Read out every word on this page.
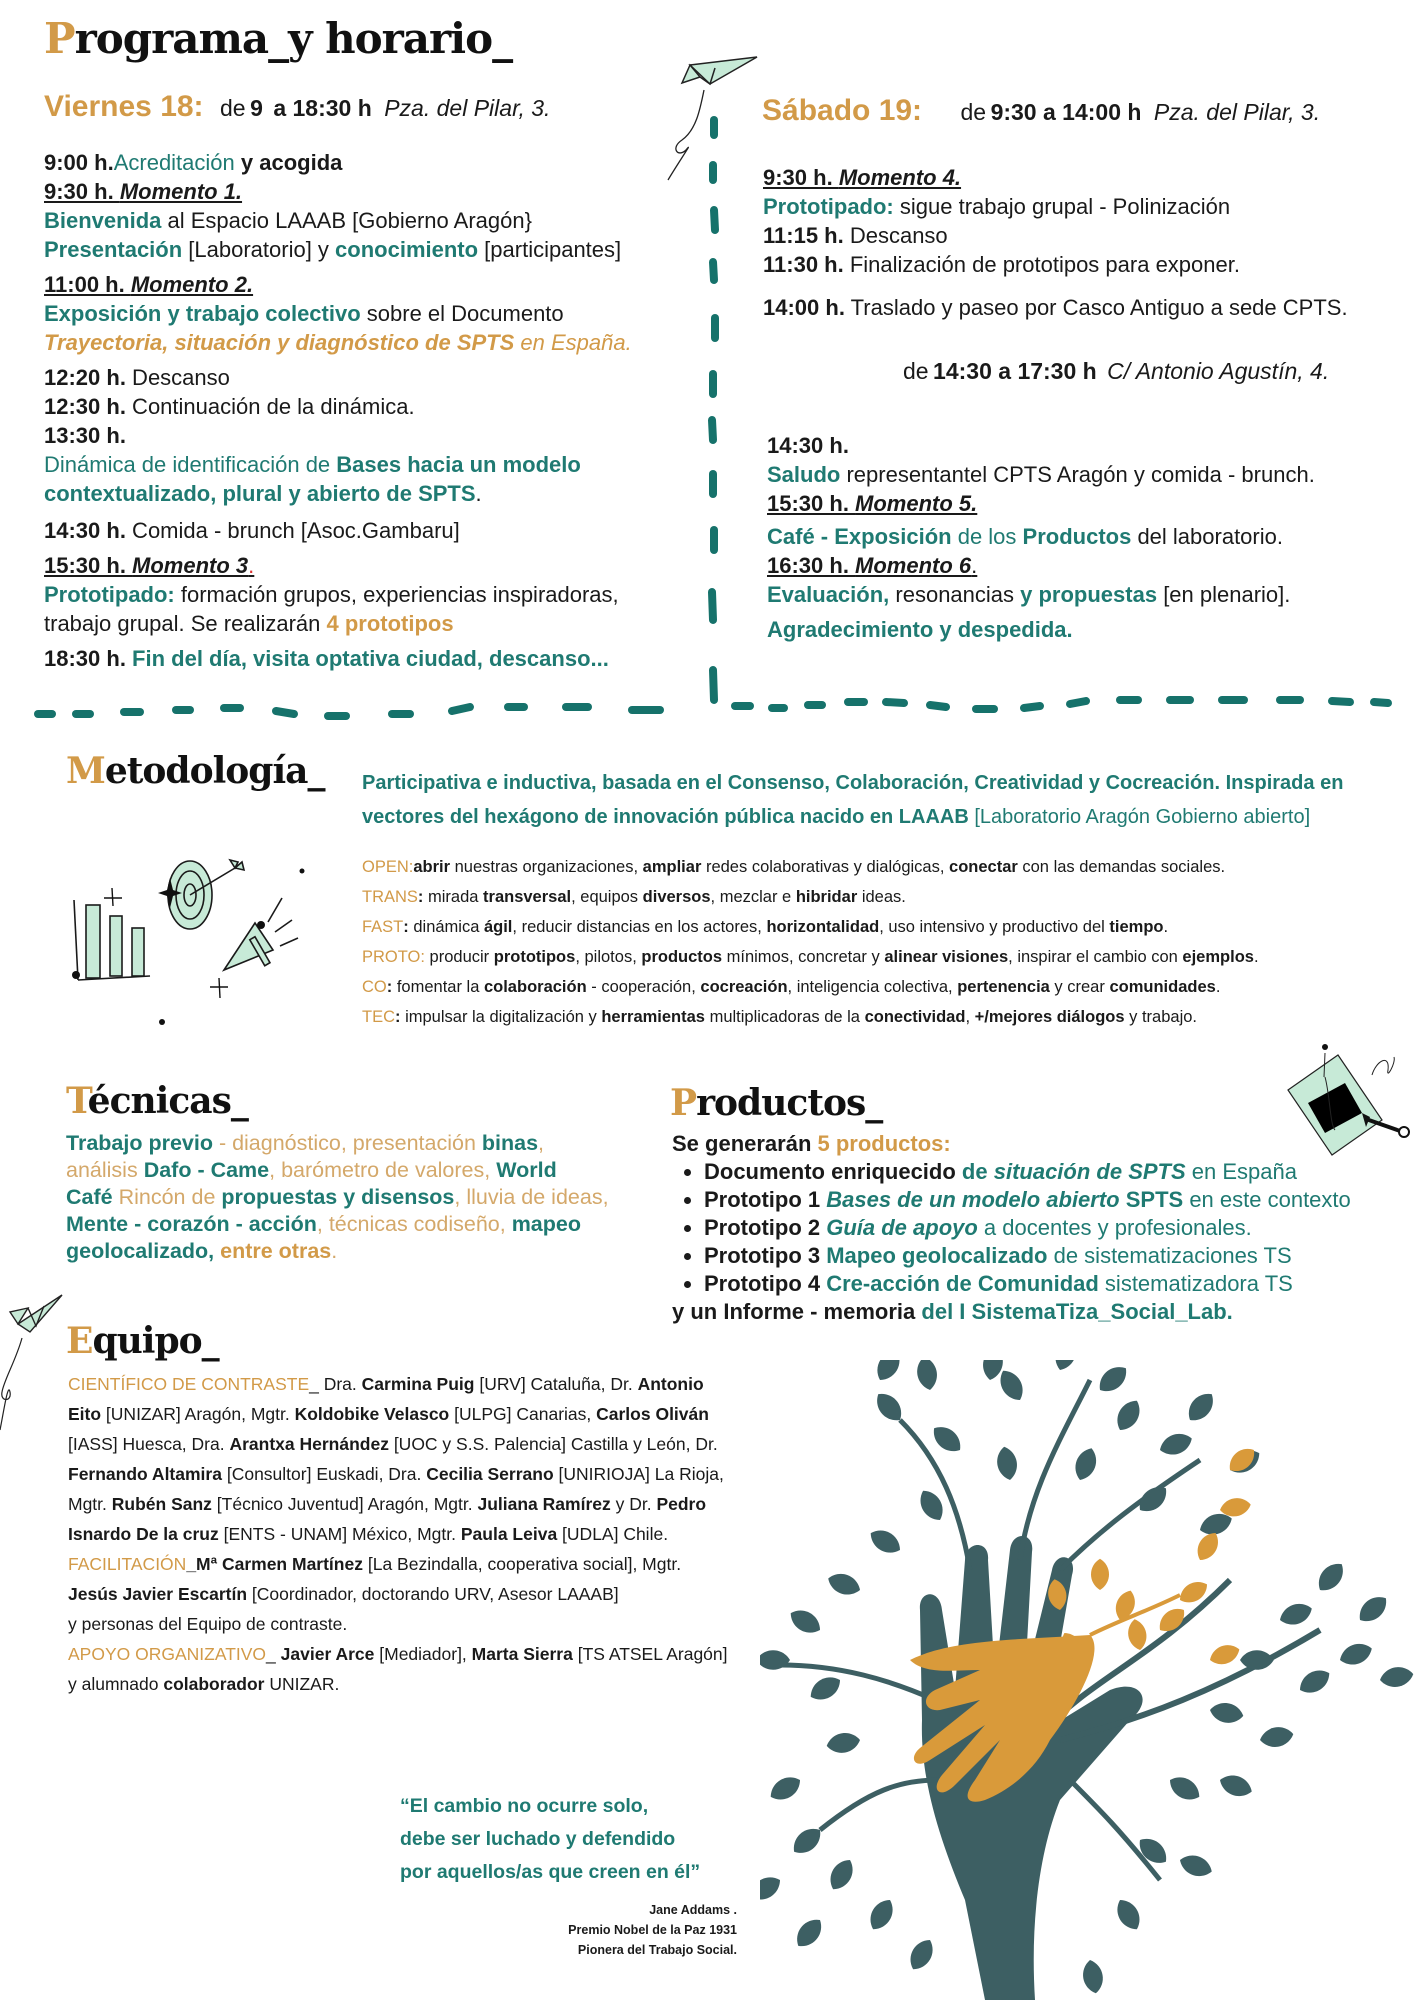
Programa_y horario_
Viernes 18: de 9 a 18:30 h Pza. del Pilar, 3.
9:00 h.Acreditación y acogida
9:30 h. Momento 1.
Bienvenida al Espacio LAAAB [Gobierno Aragón}
Presentación [Laboratorio] y conocimiento [participantes]
11:00 h. Momento 2.
Exposición y trabajo colectivo sobre el Documento
Trayectoria, situación y diagnóstico de SPTS en España.
12:20 h. Descanso
12:30 h. Continuación de la dinámica.
13:30 h.
Dinámica de identificación de Bases hacia un modelo
contextualizado, plural y abierto de SPTS.
14:30 h. Comida - brunch [Asoc.Gambaru]
15:30 h. Momento 3.
Prototipado: formación grupos, experiencias inspiradoras,
trabajo grupal. Se realizarán 4 prototipos
18:30 h. Fin del día, visita optativa ciudad, descanso...
Sábado 19: de 9:30 a 14:00 h Pza. del Pilar, 3.
9:30 h. Momento 4.
Prototipado: sigue trabajo grupal - Polinización
11:15 h. Descanso
11:30 h. Finalización de prototipos para exponer.
14:00 h. Traslado y paseo por Casco Antiguo a sede CPTS.
de 14:30 a 17:30 h C/ Antonio Agustín, 4.
14:30 h.
Saludo representantel CPTS Aragón y comida - brunch.
15:30 h. Momento 5.
Café - Exposición de los Productos del laboratorio.
16:30 h. Momento 6.
Evaluación, resonancias y propuestas [en plenario].
Agradecimiento y despedida.
Metodología_ Participativa e inductiva, basada en el Consenso, Colaboración, Creatividad y Cocreación. Inspirada en
vectores del hexágono de innovación pública nacido en LAAAB [Laboratorio Aragón Gobierno abierto]
OPEN:abrir nuestras organizaciones, ampliar redes colaborativas y dialógicas, conectar con las demandas sociales.
TRANS: mirada transversal, equipos diversos, mezclar e hibridar ideas.
FAST: dinámica ágil, reducir distancias en los actores, horizontalidad, uso intensivo y productivo del tiempo.
PROTO: producir prototipos, pilotos, productos mínimos, concretar y alinear visiones, inspirar el cambio con ejemplos.
CO: fomentar la colaboración - cooperación, cocreación, inteligencia colectiva, pertenencia y crear comunidades.
TEC: impulsar la digitalización y herramientas multiplicadoras de la conectividad, +/mejores diálogos y trabajo.
Técnicas_
Trabajo previo - diagnóstico, presentación binas,
análisis Dafo - Came, barómetro de valores, World
Café Rincón de propuestas y disensos, lluvia de ideas,
Mente - corazón - acción, técnicas codiseño, mapeo
geolocalizado, entre otras.
Productos_
Se generarán 5 productos:
• Documento enriquecido de situación de SPTS en España
• Prototipo 1 Bases de un modelo abierto SPTS en este contexto
• Prototipo 2 Guía de apoyo a docentes y profesionales.
• Prototipo 3 Mapeo geolocalizado de sistematizaciones TS
• Prototipo 4 Cre-acción de Comunidad sistematizadora TS
y un Informe - memoria del I SistemaTiza_Social_Lab.
Equipo_
CIENTÍFICO DE CONTRASTE_ Dra. Carmina Puig [URV] Cataluña, Dr. Antonio
Eito [UNIZAR] Aragón, Mgtr. Koldobike Velasco [ULPG] Canarias, Carlos Oliván
[IASS] Huesca, Dra. Arantxa Hernández [UOC y S.S. Palencia] Castilla y León, Dr.
Fernando Altamira [Consultor] Euskadi, Dra. Cecilia Serrano [UNIRIOJA] La Rioja,
Mgtr. Rubén Sanz [Técnico Juventud] Aragón, Mgtr. Juliana Ramírez y Dr. Pedro
Isnardo De la cruz [ENTS - UNAM] México, Mgtr. Paula Leiva [UDLA] Chile.
FACILITACIÓN_Mª Carmen Martínez [La Bezindalla, cooperativa social], Mgtr.
Jesús Javier Escartín [Coordinador, doctorando URV, Asesor LAAAB]
y personas del Equipo de contraste.
APOYO ORGANIZATIVO_ Javier Arce [Mediador], Marta Sierra [TS ATSEL Aragón]
y alumnado colaborador UNIZAR.
“El cambio no ocurre solo,
debe ser luchado y defendido
por aquellos/as que creen en él”
Jane Addams .
Premio Nobel de la Paz 1931
Pionera del Trabajo Social.
